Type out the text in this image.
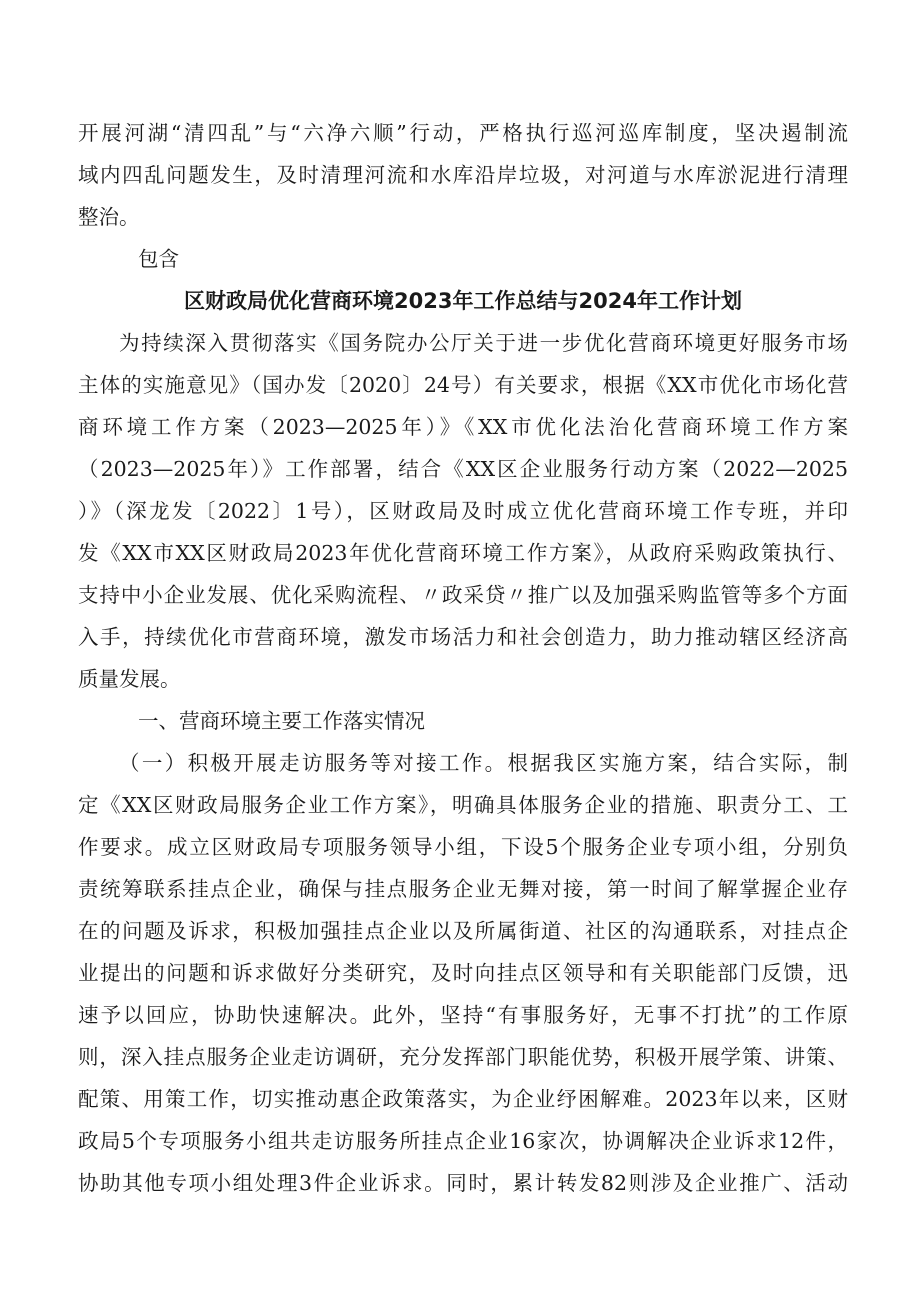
开展河湖“清四乱”与“六净六顺”行动，严格执行巡河巡库制度，坚决遏制流
域内四乱问题发生，及时清理河流和水库沿岸垃圾，对河道与水库淤泥进行清理
整治。
包含
区财政局优化营商环境2023年工作总结与2024年工作计划
为持续深入贯彻落实《国务院办公厅关于进一步优化营商环境更好服务市场
主体的实施意见》（国办发〔2020〕24号）有关要求，根据《XX市优化市场化营
商环境工作方案（2023—2025年）》《XX市优化法治化营商环境工作方案
（2023—2025年）》工作部署，结合《XX区企业服务行动方案（2022—2025
）》（深龙发〔2022〕1号），区财政局及时成立优化营商环境工作专班，并印
发《XX市XX区财政局2023年优化营商环境工作方案》，从政府采购政策执行、
支持中小企业发展、优化采购流程、〃政采贷〃推广以及加强采购监管等多个方面
入手，持续优化市营商环境，激发市场活力和社会创造力，助力推动辖区经济高
质量发展。
一、营商环境主要工作落实情况
（一）积极开展走访服务等对接工作。根据我区实施方案，结合实际，制
定《XX区财政局服务企业工作方案》，明确具体服务企业的措施、职责分工、工
作要求。成立区财政局专项服务领导小组，下设5个服务企业专项小组，分别负
责统筹联系挂点企业，确保与挂点服务企业无舞对接，第一时间了解掌握企业存
在的问题及诉求，积极加强挂点企业以及所属街道、社区的沟通联系，对挂点企
业提出的问题和诉求做好分类研究，及时向挂点区领导和有关职能部门反馈，迅
速予以回应，协助快速解决。此外，坚持“有事服务好，无事不打扰”的工作原
则，深入挂点服务企业走访调研，充分发挥部门职能优势，积极开展学策、讲策、
配策、用策工作，切实推动惠企政策落实，为企业纾困解难。2023年以来，区财
政局5个专项服务小组共走访服务所挂点企业16家次，协调解决企业诉求12件，
协助其他专项小组处理3件企业诉求。同时，累计转发82则涉及企业推广、活动
